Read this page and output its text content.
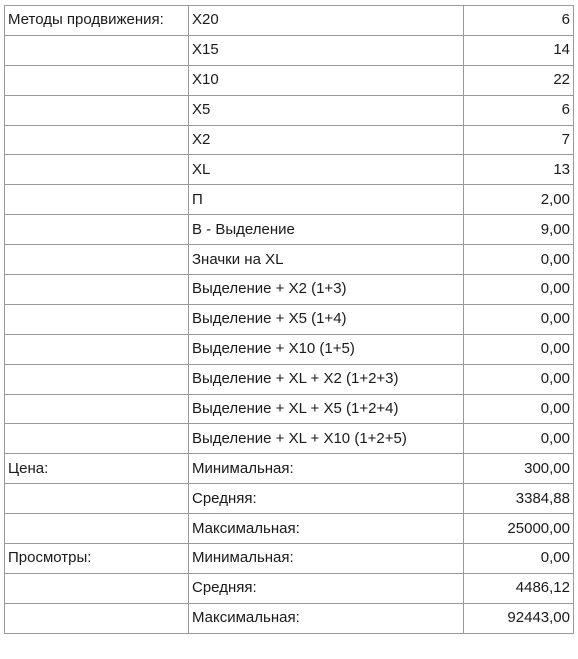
Методы продвижения:	X20	6
	X15	14
	X10	22
	X5	6
	X2	7
	XL	13
	П	2,00
	В - Выделение	9,00
	Значки на XL	0,00
	Выделение + X2 (1+3)	0,00
	Выделение + X5 (1+4)	0,00
	Выделение + X10 (1+5)	0,00
	Выделение + XL + X2 (1+2+3)	0,00
	Выделение + XL + X5 (1+2+4)	0,00
	Выделение + XL + X10 (1+2+5)	0,00
Цена:	Минимальная:	300,00
	Средняя:	3384,88
	Максимальная:	25000,00
Просмотры:	Минимальная:	0,00
	Средняя:	4486,12
	Максимальная:	92443,00
